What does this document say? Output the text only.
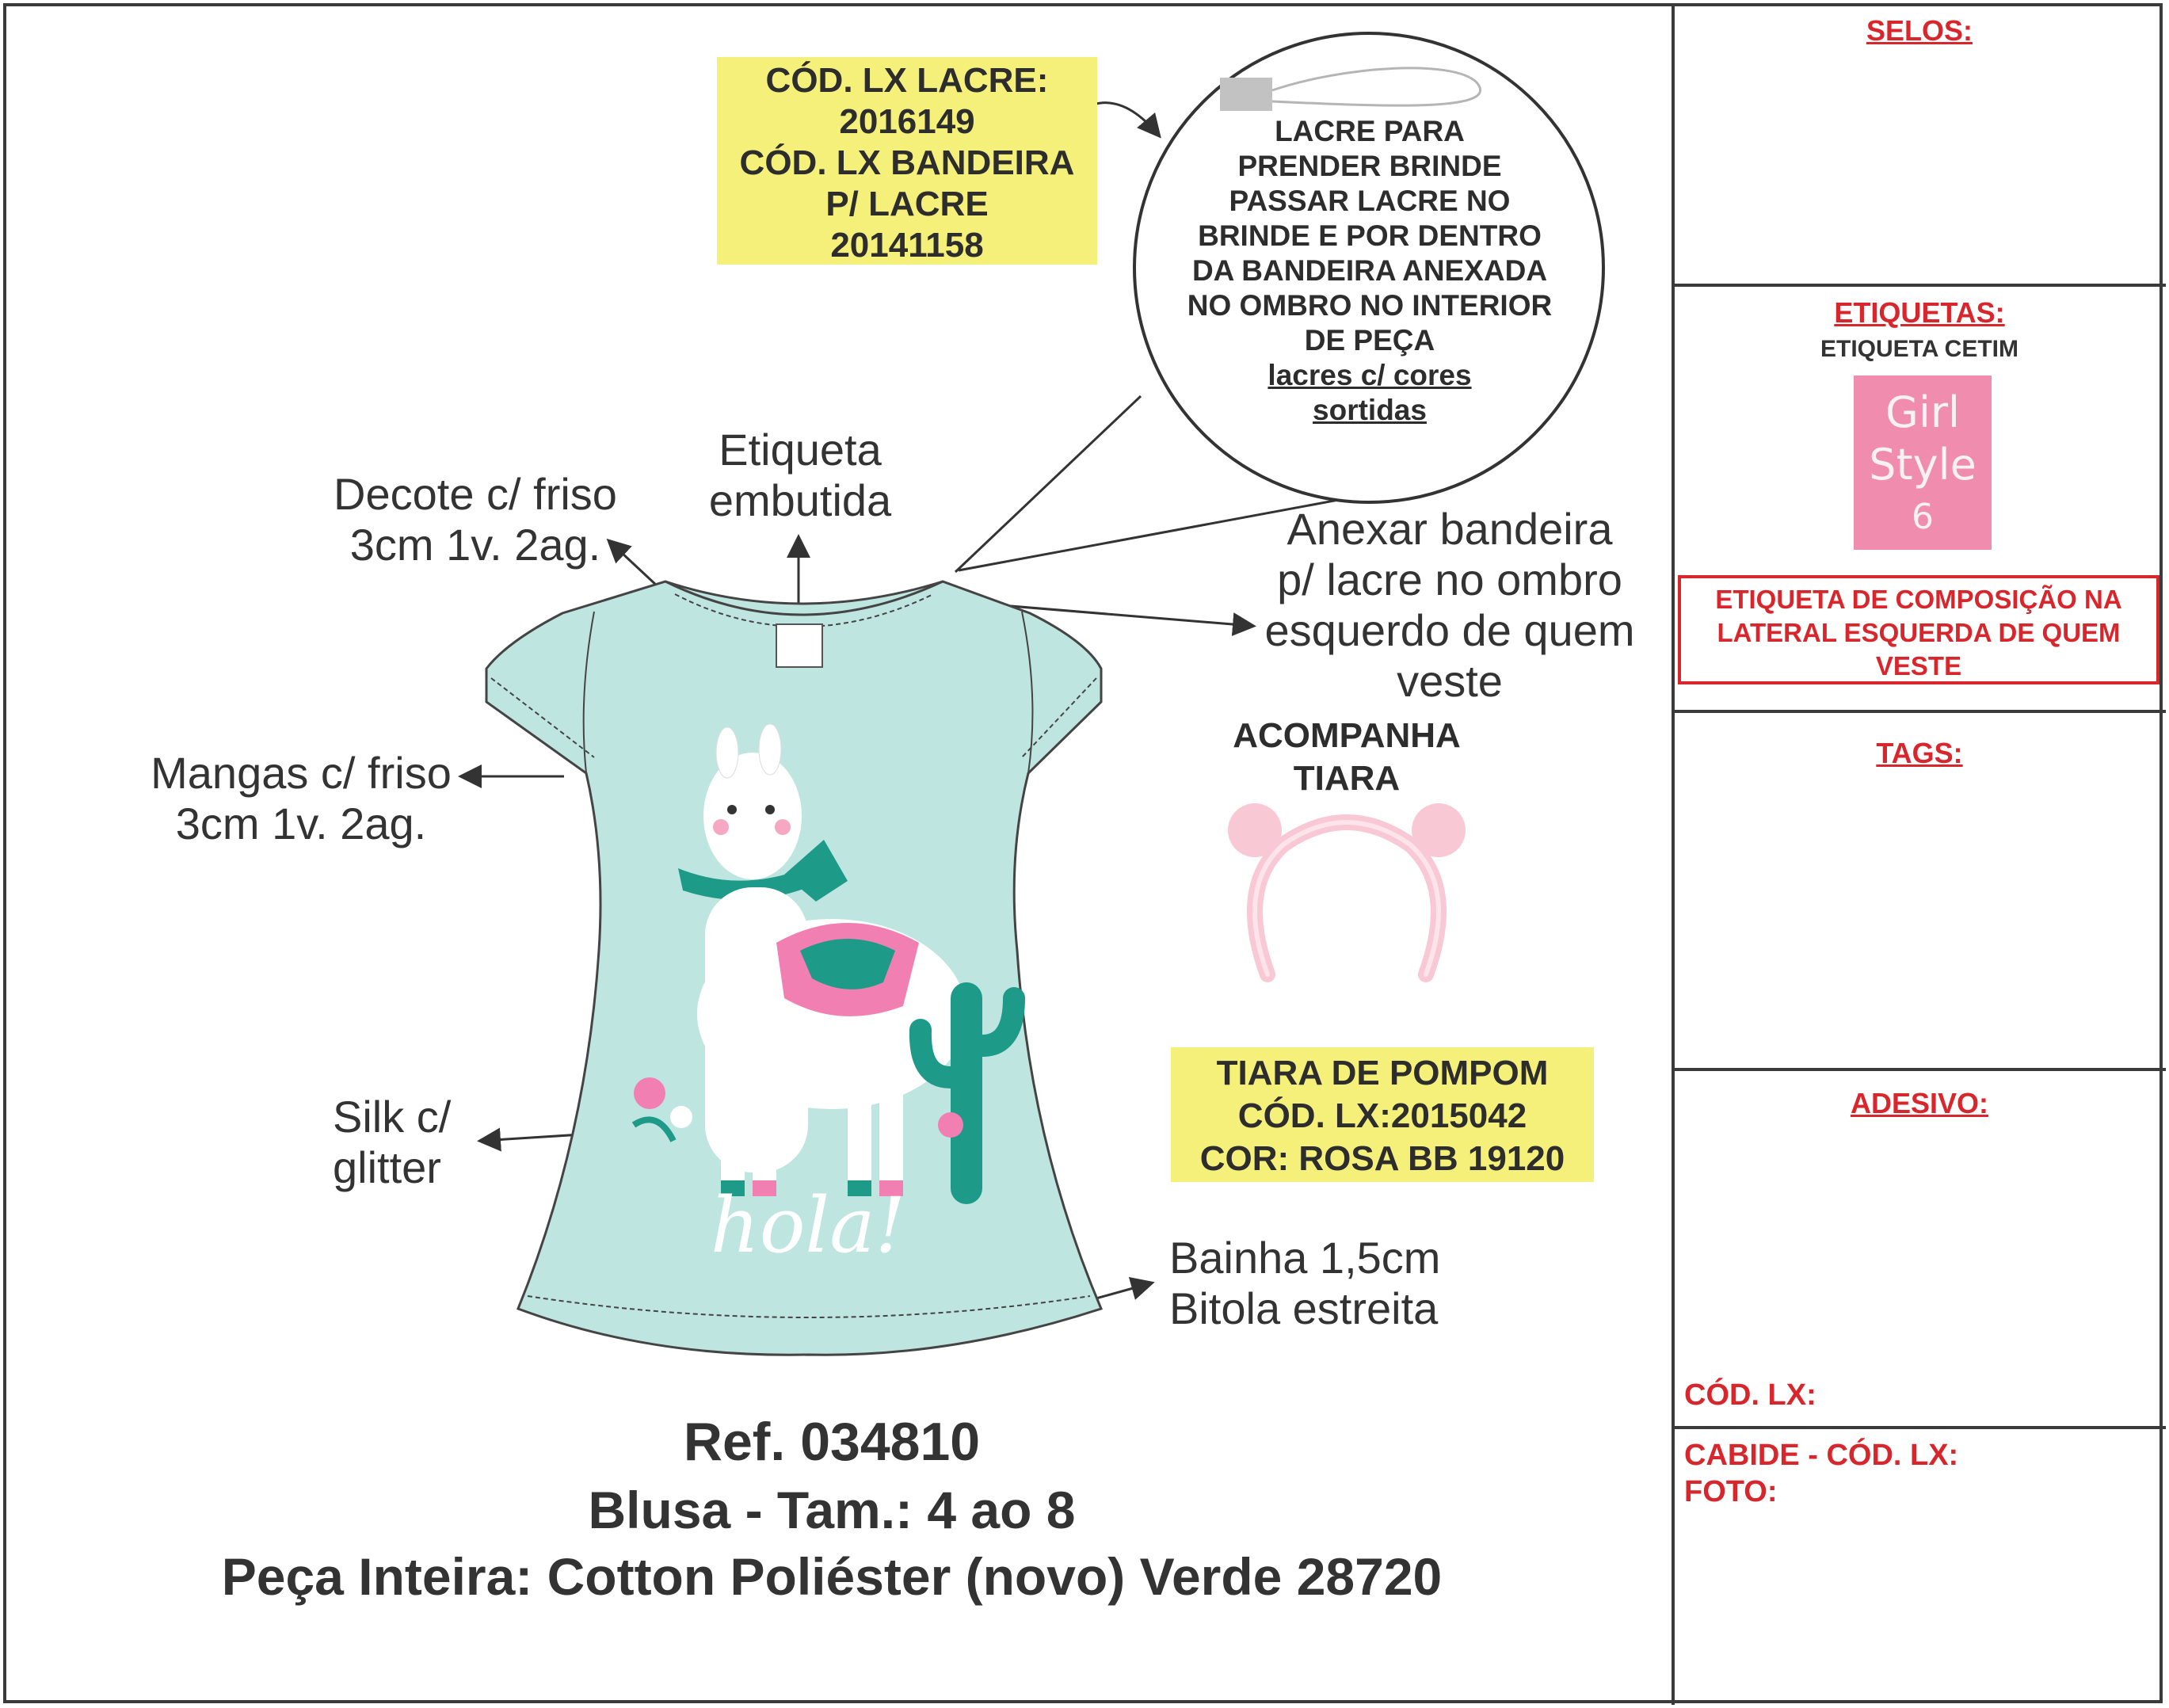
CÓD. LX LACRE:
2016149
CÓD. LX BANDEIRA
P/ LACRE
20141158
LACRE PARA
PRENDER BRINDE
PASSAR LACRE NO
BRINDE E POR DENTRO
DA BANDEIRA ANEXADA
NO OMBRO NO INTERIOR
DE PEÇA
lacres c/ cores
sortidas
Etiqueta
embutida
Decote c/ friso
3cm 1v. 2ag.	Anexar bandeira
p/ lacre no ombro
esquerdo de quem
veste
Mangas c/ friso
3cm 1v. 2ag.
Silk c/
glitter
Bainha 1,5cm
Bitola estreita
hola!
ACOMPANHA
TIARA
TIARA DE POMPOM
CÓD. LX:2015042
COR: ROSA BB 19120
Ref. 034810
Blusa - Tam.: 4 ao 8
Peça Inteira: Cotton Poliéster (novo) Verde 28720
SELOS:
ETIQUETAS:
ETIQUETA CETIM
Girl
Style
6
ETIQUETA DE COMPOSIÇÃO NA
LATERAL ESQUERDA DE QUEM
VESTE
TAGS:
ADESIVO:
CÓD. LX:
CABIDE - CÓD. LX:
FOTO:
